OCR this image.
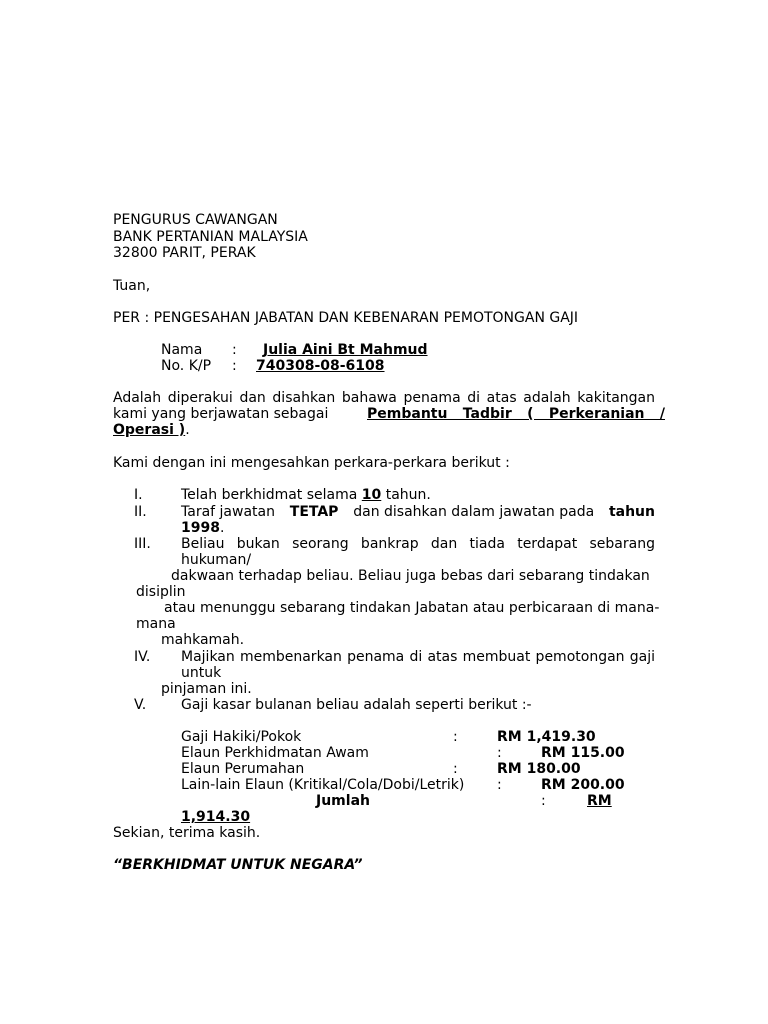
PENGURUS CAWANGAN
BANK PERTANIAN MALAYSIA
32800 PARIT, PERAK
Tuan,
PER : PENGESAHAN JABATAN DAN KEBENARAN PEMOTONGAN GAJI
Nama : Julia Aini Bt Mahmud
No. K/P : 740308-08-6108
Adalah diperakui dan disahkan bahawa penama di atas adalah kakitangan
kami yang berjawatan sebagai	Pembantu Tadbir ( Perkeranian /
Operasi ).
Kami dengan ini mengesahkan perkara-perkara berikut :
I.	Telah berkhidmat selama 10 tahun.
II. Taraf jawatan TETAP dan disahkan dalam jawatan pada tahun
1998.
III. Beliau bukan seorang bankrap dan tiada terdapat sebarang
hukuman/
dakwaan terhadap beliau. Beliau juga bebas dari sebarang tindakan
disiplin
atau menunggu sebarang tindakan Jabatan atau perbicaraan di mana-
mana
mahkamah.
IV. Majikan membenarkan penama di atas membuat pemotongan gaji
untuk
pinjaman ini.
V. Gaji kasar bulanan beliau adalah seperti berikut :-
Gaji Hakiki/Pokok	:	RM 1,419.30
Elaun Perkhidmatan Awam	:	RM 115.00
Elaun Perumahan	:	RM 180.00
Lain-lain Elaun (Kritikal/Cola/Dobi/Letrik) :	RM 200.00
Jumlah	:	RM
1,914.30
Sekian, terima kasih.
“BERKHIDMAT UNTUK NEGARA”
